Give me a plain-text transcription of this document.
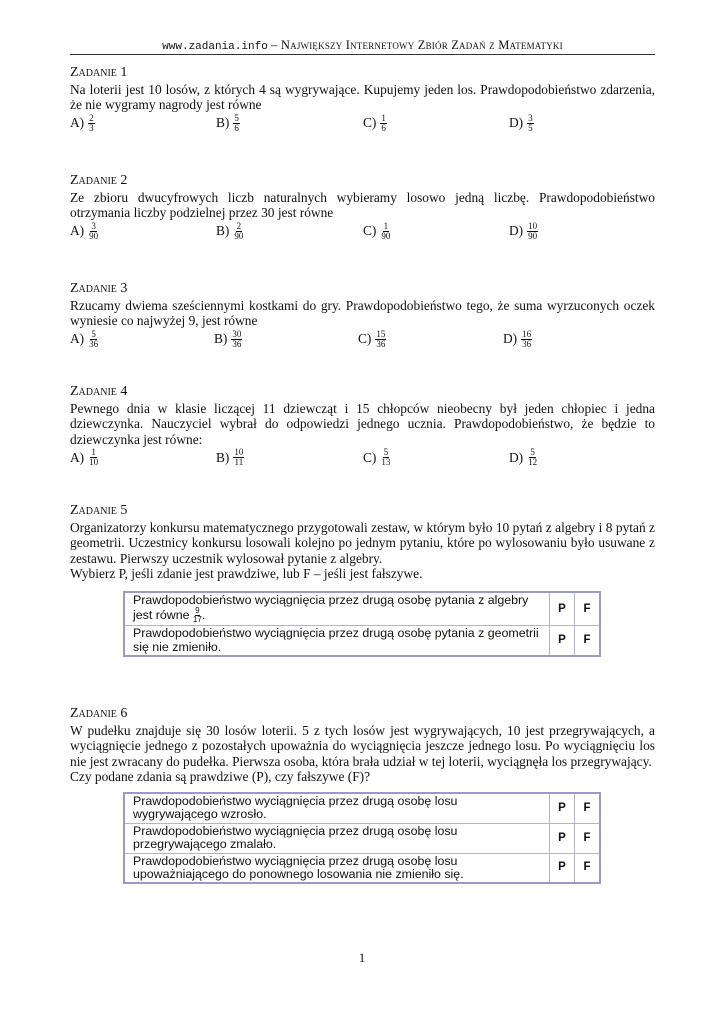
www.zadania.info – Największy Internetowy Zbiór Zadań z Matematyki
Zadanie 1

Na loterii jest 10 losów, z których 4 są wygrywające. Kupujemy jeden los. Prawdopodobieństwo zdarzenia, że nie wygramy nagrody jest równe

$A) \frac{2}{3}$	$B) \frac{5}{6}$	$C) \frac{1}{6}$	$D) \frac{3}{5}$
Zadanie 2

Ze zbioru dwucyfrowych liczb naturalnych wybieramy losowo jedną liczbę. Prawdopodobieństwo otrzymania liczby podzielnej przez 30 jest równe

$A) \frac{3}{90}$	$B) \frac{2}{90}$	$C) \frac{1}{90}$	$D) \frac{10}{90}$
Zadanie 3

Rzucamy dwiema sześciennymi kostkami do gry. Prawdopodobieństwo tego, że suma wyrzuconych oczek wyniesie co najwyżej 9, jest równe

$A) \frac{5}{36}$	$B) \frac{30}{36}$	$C) \frac{15}{36}$	$D) \frac{16}{36}$
Zadanie 4

Pewnego dnia w klasie liczącej 11 dziewcząt i 15 chłopców nieobecny był jeden chłopiec i jedna dziewczynka. Nauczyciel wybrał do odpowiedzi jednego ucznia. Prawdopodobieństwo, że będzie to dziewczynka jest równe:

$A) \frac{1}{10}$	$B) \frac{10}{11}$	$C) \frac{5}{13}$	$D) \frac{5}{12}$
Zadanie 5

Organizatorzy konkursu matematycznego przygotowali zestaw, w którym było 10 pytań z algebry i 8 pytań z geometrii. Uczestnicy konkursu losowali kolejno po jednym pytaniu, które po wylosowaniu było usuwane z zestawu. Pierwszy uczestnik wylosował pytanie z algebry.

Wybierz P, jeśli zdanie jest prawdziwe, lub F – jeśli jest fałszywe.

Prawdopodobieństwo wyciągnięcia przez drugą osobę pytania z algebry jest równe $\frac{9}{17}$ .	P	F
Prawdopodobieństwo wyciągnięcia przez drugą osobę pytania z geometrii się nie zmieniło.	P	F
Zadanie 6

W pudełku znajduje się 30 losów loterii. 5 z tych losów jest wygrywających, 10 jest przegrywających, a wyciągnięcie jednego z pozostałych upoważnia do wyciągnięcia jeszcze jednego losu. Po wyciągnięciu los nie jest zwracany do pudełka. Pierwsza osoba, która brała udział w tej loterii, wyciągnęła los przegrywający.

Czy podane zdania są prawdziwe (P), czy fałszywe (F)?

Prawdopodobieństwo wyciągnięcia przez drugą osobę losu wygrywającego wzrosło.	P	F
Prawdopodobieństwo wyciągnięcia przez drugą osobę losu przegrywającego zmalało.	P	F
Prawdopodobieństwo wyciągnięcia przez drugą osobę losu upoważniającego do ponownego losowania nie zmieniło się.	P	F
1
